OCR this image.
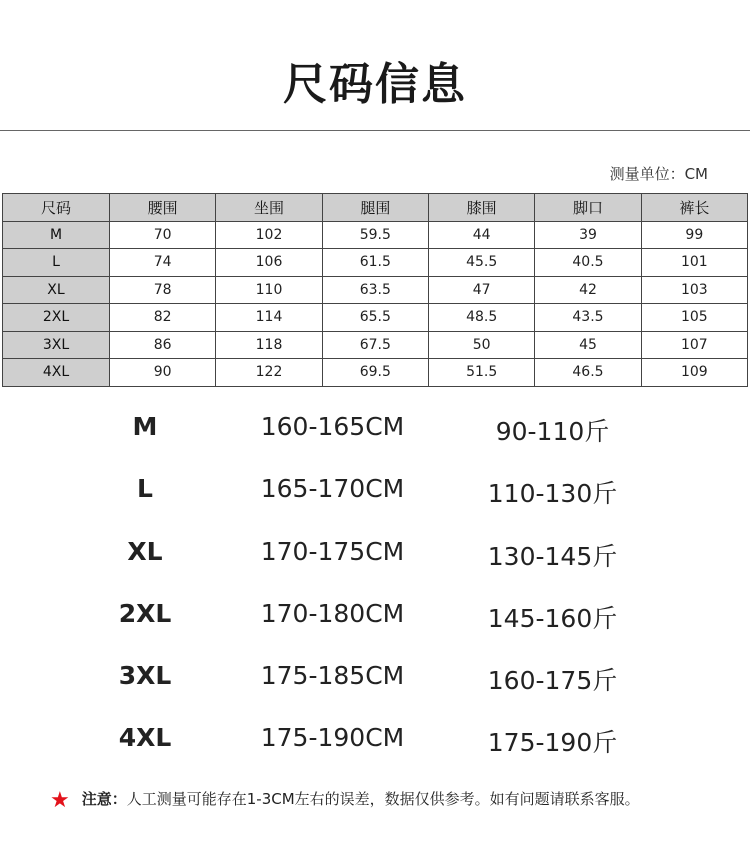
尺码信息
测量单位：CM
尺码	腰围	坐围	腿围	膝围	脚口	裤长
M	70	102	59.5	44	39	99
L	74	106	61.5	45.5	40.5	101
XL	78	110	63.5	47	42	103
2XL	82	114	65.5	48.5	43.5	105
3XL	86	118	67.5	50	45	107
4XL	90	122	69.5	51.5	46.5	109
M	160-165CM	90-110斤
L	165-170CM	110-130斤
XL	170-175CM	130-145斤
2XL	170-180CM	145-160斤
3XL	175-185CM	160-175斤
4XL	175-190CM	175-190斤
★ 注意：人工测量可能存在1-3CM左右的误差，数据仅供参考。如有问题请联系客服。
